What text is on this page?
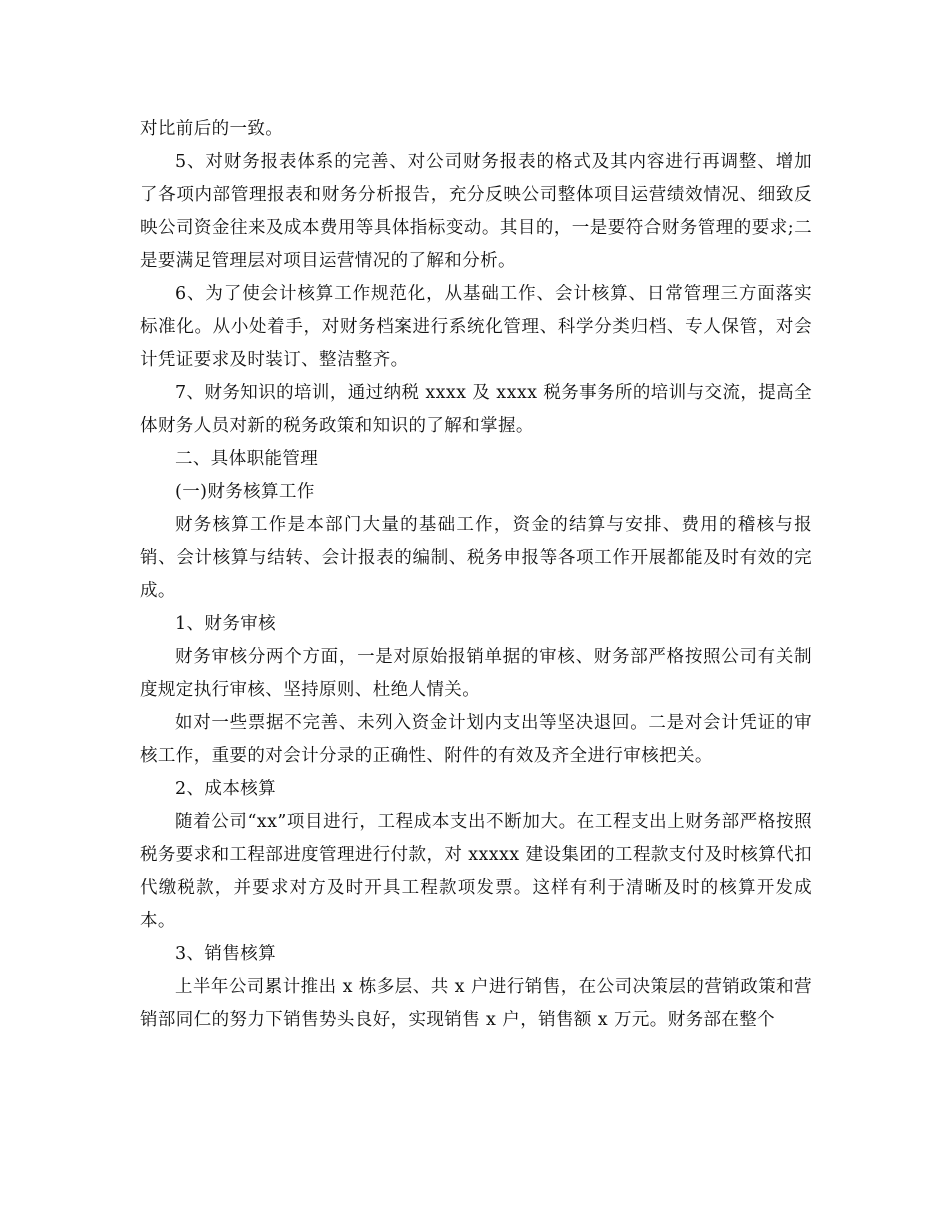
对比前后的一致。

5、对财务报表体系的完善、对公司财务报表的格式及其内容进行再调整、增加了各项内部管理报表和财务分析报告，充分反映公司整体项目运营绩效情况、细致反映公司资金往来及成本费用等具体指标变动。其目的，一是要符合财务管理的要求;二是要满足管理层对项目运营情况的了解和分析。

6、为了使会计核算工作规范化，从基础工作、会计核算、日常管理三方面落实标准化。从小处着手，对财务档案进行系统化管理、科学分类归档、专人保管，对会计凭证要求及时装订、整洁整齐。

7、财务知识的培训，通过纳税 xxxx 及 xxxx 税务事务所的培训与交流，提高全体财务人员对新的税务政策和知识的了解和掌握。

二、具体职能管理

(一)财务核算工作

财务核算工作是本部门大量的基础工作，资金的结算与安排、费用的稽核与报销、会计核算与结转、会计报表的编制、税务申报等各项工作开展都能及时有效的完成。

1、财务审核

财务审核分两个方面，一是对原始报销单据的审核、财务部严格按照公司有关制度规定执行审核、坚持原则、杜绝人情关。

如对一些票据不完善、未列入资金计划内支出等坚决退回。二是对会计凭证的审核工作，重要的对会计分录的正确性、附件的有效及齐全进行审核把关。

2、成本核算

随着公司“xx”项目进行，工程成本支出不断加大。在工程支出上财务部严格按照税务要求和工程部进度管理进行付款，对 xxxxx 建设集团的工程款支付及时核算代扣代缴税款，并要求对方及时开具工程款项发票。这样有利于清晰及时的核算开发成本。

3、销售核算

上半年公司累计推出 x 栋多层、共 x 户进行销售，在公司决策层的营销政策和营销部同仁的努力下销售势头良好，实现销售 x 户，销售额 x 万元。财务部在整个
